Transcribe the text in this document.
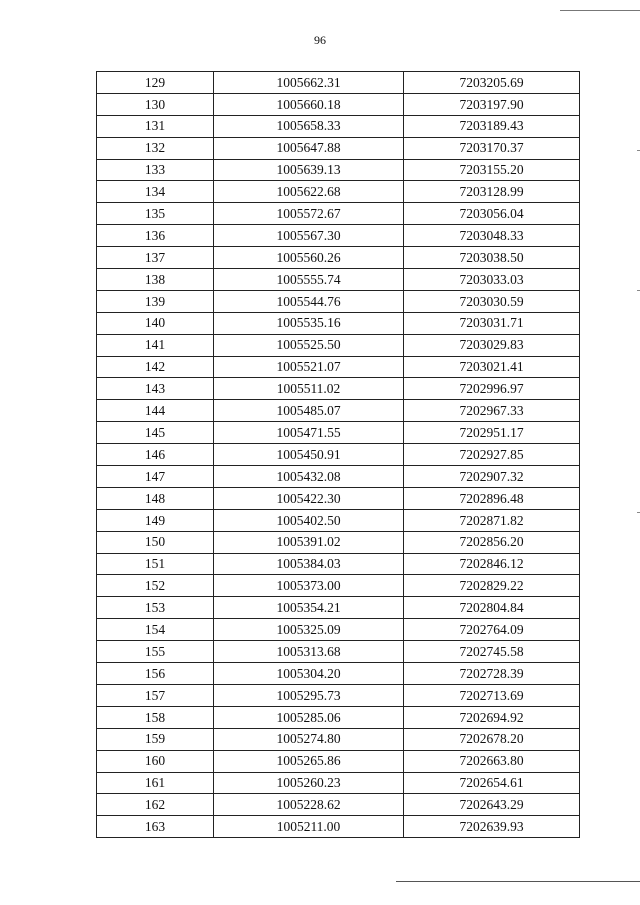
96
129	1005662.31	7203205.69
130	1005660.18	7203197.90
131	1005658.33	7203189.43
132	1005647.88	7203170.37
133	1005639.13	7203155.20
134	1005622.68	7203128.99
135	1005572.67	7203056.04
136	1005567.30	7203048.33
137	1005560.26	7203038.50
138	1005555.74	7203033.03
139	1005544.76	7203030.59
140	1005535.16	7203031.71
141	1005525.50	7203029.83
142	1005521.07	7203021.41
143	1005511.02	7202996.97
144	1005485.07	7202967.33
145	1005471.55	7202951.17
146	1005450.91	7202927.85
147	1005432.08	7202907.32
148	1005422.30	7202896.48
149	1005402.50	7202871.82
150	1005391.02	7202856.20
151	1005384.03	7202846.12
152	1005373.00	7202829.22
153	1005354.21	7202804.84
154	1005325.09	7202764.09
155	1005313.68	7202745.58
156	1005304.20	7202728.39
157	1005295.73	7202713.69
158	1005285.06	7202694.92
159	1005274.80	7202678.20
160	1005265.86	7202663.80
161	1005260.23	7202654.61
162	1005228.62	7202643.29
163	1005211.00	7202639.93
